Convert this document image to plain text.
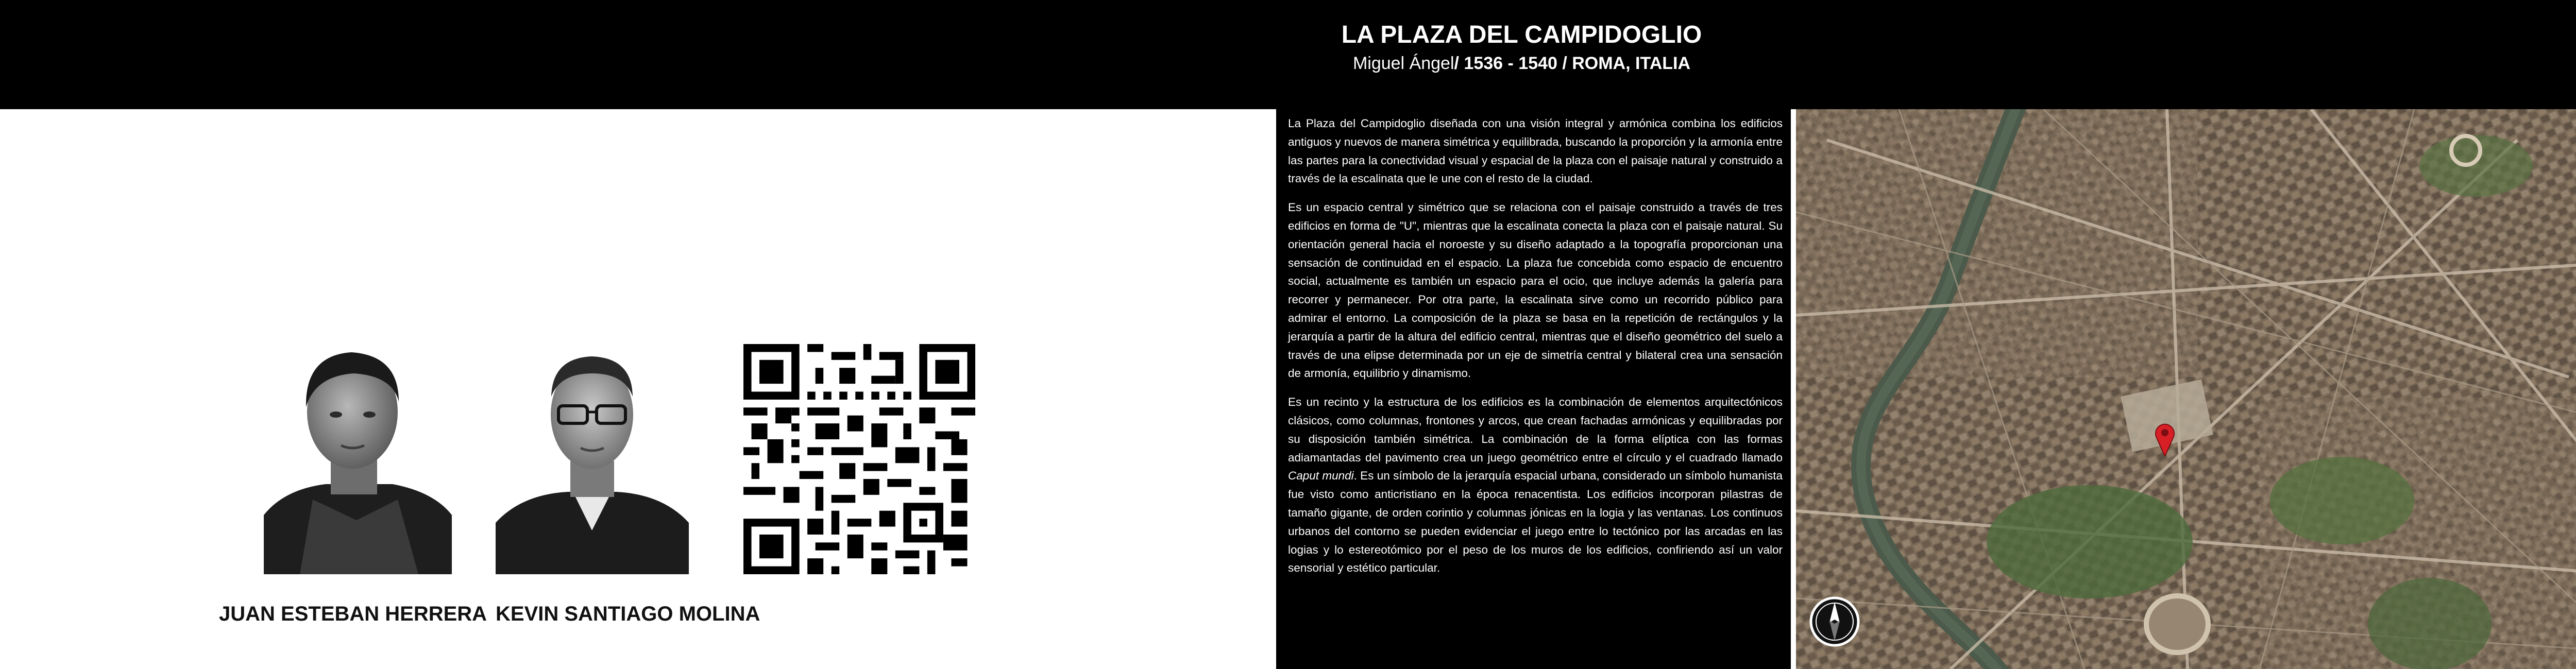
LA PLAZA DEL CAMPIDOGLIO
Miguel Ángel/ 1536 - 1540 / ROMA, ITALIA
JUAN ESTEBAN HERRERA KEVIN SANTIAGO MOLINA

La Plaza del Campidoglio diseñada con una visión integral y armónica combina los edificios antiguos y nuevos de manera simétrica y equilibrada, buscando la proporción y la armonía entre las partes para la conectividad visual y espacial de la plaza con el paisaje natural y construido a través de la escalinata que le une con el resto de la ciudad.

Es un espacio central y simétrico que se relaciona con el paisaje construido a través de tres edificios en forma de "U", mientras que la escalinata conecta la plaza con el paisaje natural. Su orientación general hacia el noroeste y su diseño adaptado a la topografía proporcionan una sensación de continuidad en el espacio. La plaza fue concebida como espacio de encuentro social, actualmente es también un espacio para el ocio, que incluye además la galería para recorrer y permanecer. Por otra parte, la escalinata sirve como un recorrido público para admirar el entorno. La composición de la plaza se basa en la repetición de rectángulos y la jerarquía a partir de la altura del edificio central, mientras que el diseño geométrico del suelo a través de una elipse determinada por un eje de simetría central y bilateral crea una sensación de armonía, equilibrio y dinamismo.

Es un recinto y la estructura de los edificios es la combinación de elementos arquitectónicos clásicos, como columnas, frontones y arcos, que crean fachadas armónicas y equilibradas por su disposición también simétrica. La combinación de la forma elíptica con las formas adiamantadas del pavimento crea un juego geométrico entre el círculo y el cuadrado llamado Caput mundi. Es un símbolo de la jerarquía espacial urbana, considerado un símbolo humanista fue visto como anticristiano en la época renacentista. Los edificios incorporan pilastras de tamaño gigante, de orden corintio y columnas jónicas en la logia y las ventanas. Los continuos urbanos del contorno se pueden evidenciar el juego entre lo tectónico por las arcadas en las logias y lo estereotómico por el peso de los muros de los edificios, confiriendo así un valor sensorial y estético particular.
